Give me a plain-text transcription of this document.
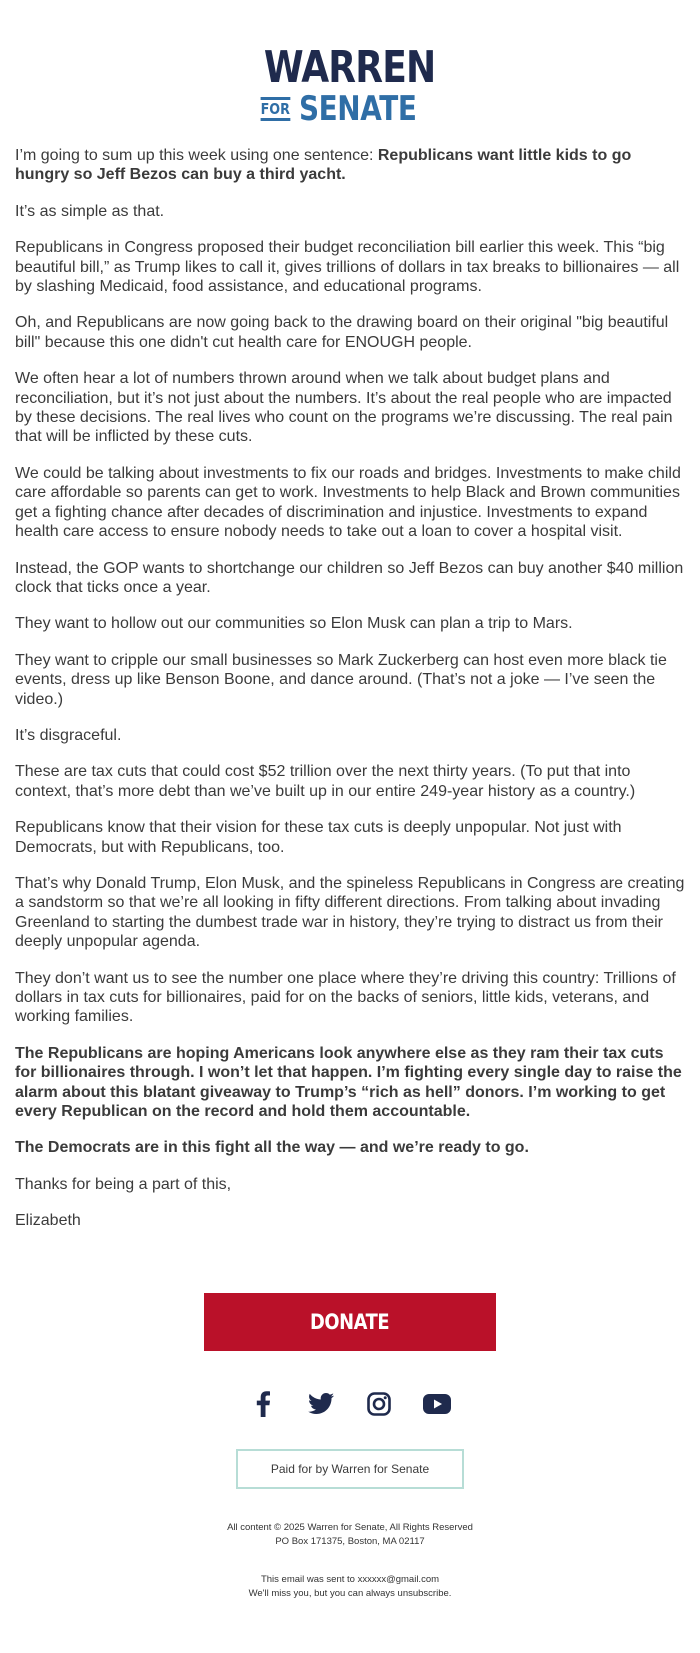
WARREN
FOR SENATE

I’m going to sum up this week using one sentence: Republicans want little kids to go hungry so Jeff Bezos can buy a third yacht.

It’s as simple as that.

Republicans in Congress proposed their budget reconciliation bill earlier this week. This “big beautiful bill,” as Trump likes to call it, gives trillions of dollars in tax breaks to billionaires — all by slashing Medicaid, food assistance, and educational programs.

Oh, and Republicans are now going back to the drawing board on their original "big beautiful bill" because this one didn't cut health care for ENOUGH people.

We often hear a lot of numbers thrown around when we talk about budget plans and reconciliation, but it’s not just about the numbers. It’s about the real people who are impacted by these decisions. The real lives who count on the programs we’re discussing. The real pain that will be inflicted by these cuts.

We could be talking about investments to fix our roads and bridges. Investments to make child care affordable so parents can get to work. Investments to help Black and Brown communities get a fighting chance after decades of discrimination and injustice. Investments to expand health care access to ensure nobody needs to take out a loan to cover a hospital visit.

Instead, the GOP wants to shortchange our children so Jeff Bezos can buy another $40 million clock that ticks once a year.

They want to hollow out our communities so Elon Musk can plan a trip to Mars.

They want to cripple our small businesses so Mark Zuckerberg can host even more black tie events, dress up like Benson Boone, and dance around. (That’s not a joke — I’ve seen the video.)

It’s disgraceful.

These are tax cuts that could cost $52 trillion over the next thirty years. (To put that into context, that’s more debt than we’ve built up in our entire 249-year history as a country.)

Republicans know that their vision for these tax cuts is deeply unpopular. Not just with Democrats, but with Republicans, too.

That’s why Donald Trump, Elon Musk, and the spineless Republicans in Congress are creating a sandstorm so that we’re all looking in fifty different directions. From talking about invading Greenland to starting the dumbest trade war in history, they’re trying to distract us from their deeply unpopular agenda.

They don’t want us to see the number one place where they’re driving this country: Trillions of dollars in tax cuts for billionaires, paid for on the backs of seniors, little kids, veterans, and working families.

The Republicans are hoping Americans look anywhere else as they ram their tax cuts for billionaires through. I won’t let that happen. I’m fighting every single day to raise the alarm about this blatant giveaway to Trump’s “rich as hell” donors. I’m working to get every Republican on the record and hold them accountable.

The Democrats are in this fight all the way — and we’re ready to go.

Thanks for being a part of this,

Elizabeth

DONATE
Paid for by Warren for Senate
All content © 2025 Warren for Senate, All Rights Reserved
PO Box 171375, Boston, MA 02117
This email was sent to xxxxxx@gmail.com
We'll miss you, but you can always unsubscribe.
